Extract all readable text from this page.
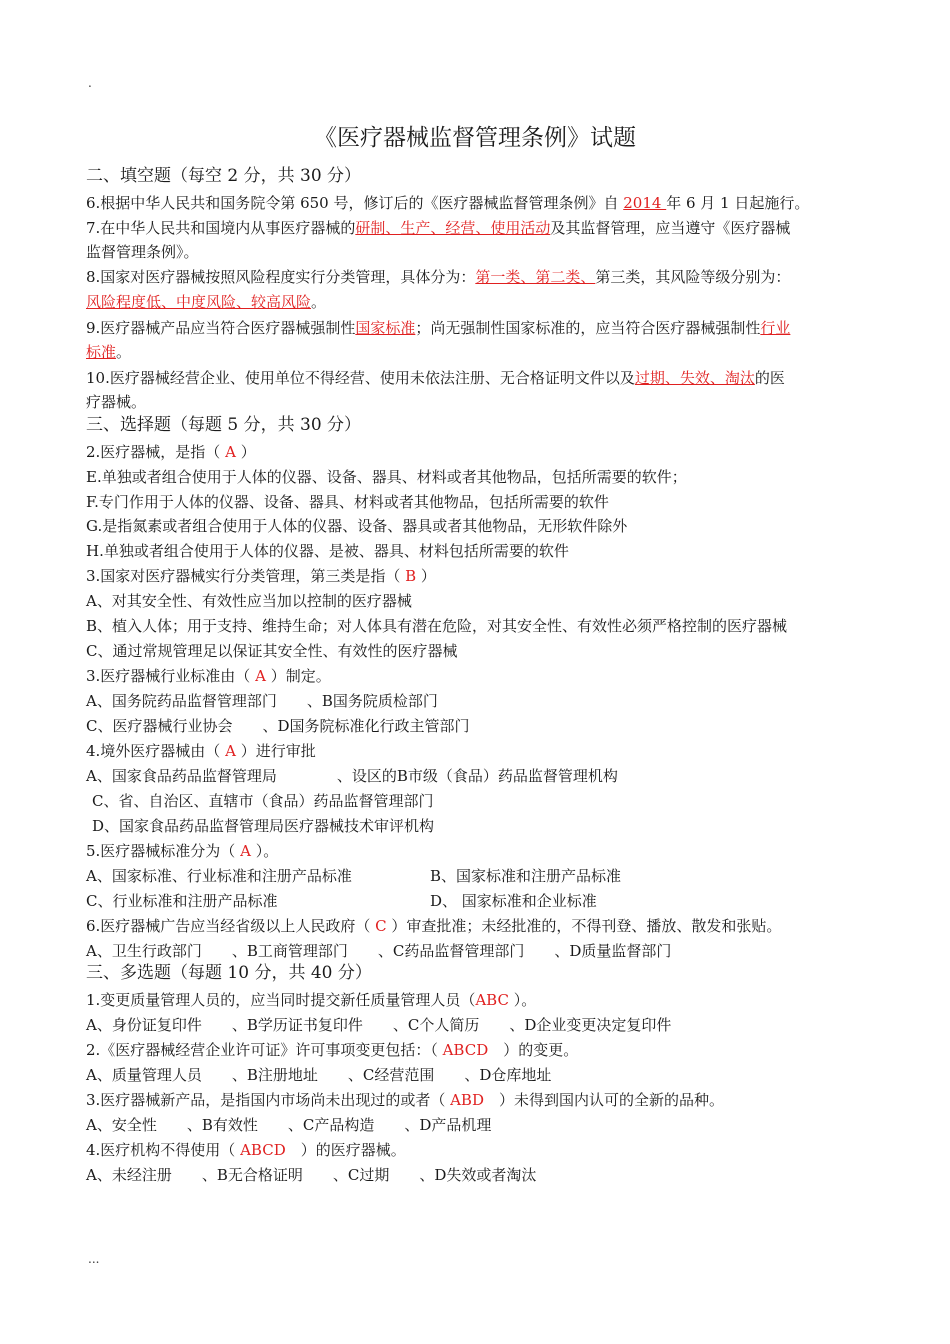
.
《医疗器械监督管理条例》试题
二、填空题（每空 2 分，共 30 分）
6.根据中华人民共和国务院令第 650 号，修订后的《医疗器械监督管理条例》自 2014 年 6 月 1 日起施行。
7.在中华人民共和国境内从事医疗器械的研制、生产、经营、使用活动及其监督管理，应当遵守《医疗器械
监督管理条例》。
8.国家对医疗器械按照风险程度实行分类管理，具体分为：第一类、第二类、第三类，其风险等级分别为：
风险程度低、中度风险、较高风险。
9.医疗器械产品应当符合医疗器械强制性国家标准；尚无强制性国家标准的，应当符合医疗器械强制性行业
标准。
10.医疗器械经营企业、使用单位不得经营、使用未依法注册、无合格证明文件以及过期、失效、淘汰的医
疗器械。
三、选择题（每题 5 分，共 30 分）
2.医疗器械，是指（ A ）
E.单独或者组合使用于人体的仪器、设备、器具、材料或者其他物品，包括所需要的软件；
F.专门作用于人体的仪器、设备、器具、材料或者其他物品，包括所需要的软件
G.是指氮素或者组合使用于人体的仪器、设备、器具或者其他物品，无形软件除外
H.单独或者组合使用于人体的仪器、是被、器具、材料包括所需要的软件
3.国家对医疗器械实行分类管理，第三类是指（ B ）
A、对其安全性、有效性应当加以控制的医疗器械
B、植入人体；用于支持、维持生命；对人体具有潜在危险，对其安全性、有效性必须严格控制的医疗器械
C、通过常规管理足以保证其安全性、有效性的医疗器械
3.医疗器械行业标准由（ A ）制定。
A、国务院药品监督管理部门　　、B国务院质检部门
C、医疗器械行业协会　　、D国务院标准化行政主管部门
4.境外医疗器械由（ A ）进行审批
A、国家食品药品监督管理局　　　　、设区的B市级（食品）药品监督管理机构
C、省、自治区、直辖市（食品）药品监督管理部门
D、国家食品药品监督管理局医疗器械技术审评机构
5.医疗器械标准分为（ A ）。
A、国家标准、行业标准和注册产品标准	B、国家标准和注册产品标准
C、行业标准和注册产品标准	D、 国家标准和企业标准
6.医疗器械广告应当经省级以上人民政府（ C ）审查批准；未经批准的，不得刊登、播放、散发和张贴。
A、卫生行政部门　　、B工商管理部门　　、C药品监督管理部门　　、D质量监督部门
三、多选题（每题 10 分，共 40 分）
1.变更质量管理人员的，应当同时提交新任质量管理人员（ABC ）。
A、身份证复印件　　、B学历证书复印件　　、C个人简历　　、D企业变更决定复印件
2.《医疗器械经营企业许可证》许可事项变更包括：（ ABCD　）的变更。
A、质量管理人员　　、B注册地址　　、C经营范围　　、D仓库地址
3.医疗器械新产品，是指国内市场尚未出现过的或者（ ABD　）未得到国内认可的全新的品种。
A、安全性　　、B有效性　　、C产品构造　　、D产品机理
4.医疗机构不得使用（ ABCD　）的医疗器械。
A、未经注册　　、B无合格证明　　、C过期　　、D失效或者淘汰
...
